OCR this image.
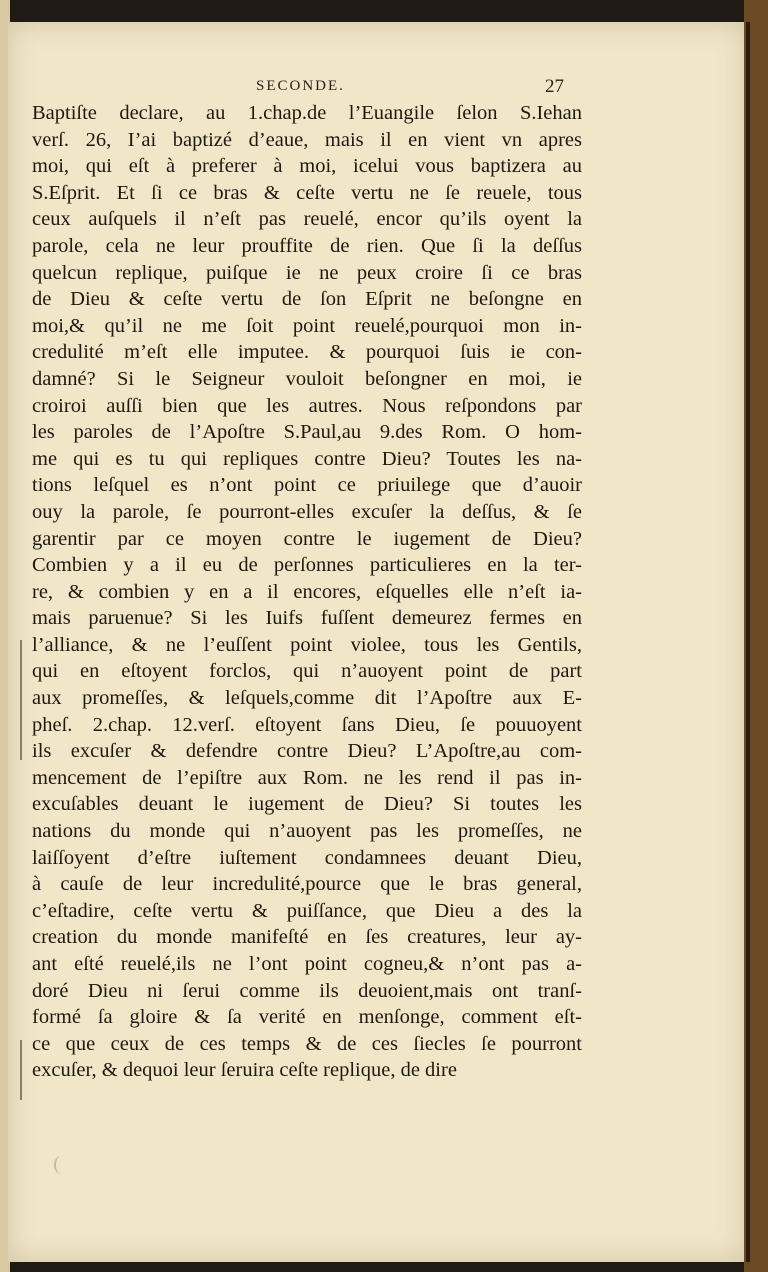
SECONDE.	27
Baptiſte declare, au 1.chap.de l’Euangile ſelon S.Iehan
verſ. 26, I’ai baptizé d’eaue, mais il en vient vn apres
moi, qui eſt à preferer à moi, icelui vous baptizera au
S.Eſprit. Et ſi ce bras & ceſte vertu ne ſe reuele, tous
ceux auſquels il n’eſt pas reuelé, encor qu’ils oyent la
parole, cela ne leur prouffite de rien. Que ſi la deſſus
quelcun replique, puiſque ie ne peux croire ſi ce bras
de Dieu & ceſte vertu de ſon Eſprit ne beſongne en
moi,& qu’il ne me ſoit point reuelé,pourquoi mon in-
credulité m’eſt elle imputee. & pourquoi ſuis ie con-
damné? Si le Seigneur vouloit beſongner en moi, ie
croiroi auſſi bien que les autres. Nous reſpondons par
les paroles de l’Apoſtre S.Paul,au 9.des Rom. O hom-
me qui es tu qui repliques contre Dieu? Toutes les na-
tions leſquel es n’ont point ce priuilege que d’auoir
ouy la parole, ſe pourront-elles excuſer la deſſus, & ſe
garentir par ce moyen contre le iugement de Dieu?
Combien y a il eu de perſonnes particulieres en la ter-
re, & combien y en a il encores, eſquelles elle n’eſt ia-
mais paruenue? Si les Iuifs fuſſent demeurez fermes en
l’alliance, & ne l’euſſent point violee, tous les Gentils,
qui en eſtoyent forclos, qui n’auoyent point de part
aux promeſſes, & leſquels,comme dit l’Apoſtre aux E-
pheſ. 2.chap. 12.verſ. eſtoyent ſans Dieu, ſe pouuoyent
ils excuſer & defendre contre Dieu? L’Apoſtre,au com-
mencement de l’epiſtre aux Rom. ne les rend il pas in-
excuſables deuant le iugement de Dieu? Si toutes les
nations du monde qui n’auoyent pas les promeſſes, ne
laiſſoyent d’eſtre iuſtement condamnees deuant Dieu,
à cauſe de leur incredulité,pource que le bras general,
c’eſtadire, ceſte vertu & puiſſance, que Dieu a des la
creation du monde manifeſté en ſes creatures, leur ay-
ant eſté reuelé,ils ne l’ont point cogneu,& n’ont pas a-
doré Dieu ni ſerui comme ils deuoient,mais ont tranſ-
formé ſa gloire & ſa verité en menſonge, comment eſt-
ce que ceux de ces temps & de ces ſiecles ſe pourront
excuſer, & dequoi leur ſeruira ceſte replique, de dire
